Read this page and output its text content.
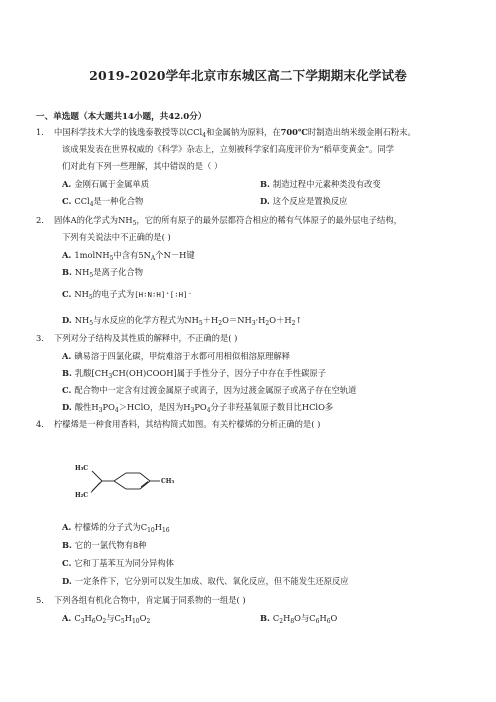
2019-2020学年北京市东城区高二下学期期末化学试卷
一、单选题（本大题共14小题，共42.0分）
1. 中国科学技术大学的钱逸泰教授等以CCl$_4$和金属钠为原料，在700℃时制造出纳米级金刚石粉末。
该成果发表在世界权威的《科学》杂志上，立刻被科学家们高度评价为“稻草变黄金”。同学
们对此有下列一些理解，其中错误的是（ ）
A. 金刚石属于金属单质	B. 制造过程中元素种类没有改变
C. CCl$_4$是一种化合物	D. 这个反应是置换反应
2. 固体A的化学式为$NH_5$，它的所有原子的最外层都符合相应的稀有气体原子的最外层电子结构，
下列有关说法中不正确的是( )
A. 1molNH$_5$中含有$5N_A$个N－H键
B. $NH_5$是离子化合物
C. $NH_5$的电子式为[H∶N∶H]⁺[∶H]⁻
D. $NH_5$与水反应的化学方程式为$NH_5+H_2O=NH_3\cdot H_2O+H_2↑$
3. 下列对分子结构及其性质的解释中，不正确的是( )
A. 碘易溶于四氯化碳，甲烷难溶于水都可用相似相溶原理解释
B. 乳酸$[CH_3CH(OH)COOH]$属于手性分子，因分子中存在手性碳原子
C. 配合物中一定含有过渡金属原子或离子，因为过渡金属原子或离子存在空轨道
D. 酸性$H_3PO_4>HClO$，是因为$H_3PO_4$分子非羟基氧原子数目比HClO多
4. 柠檬烯是一种食用香料，其结构简式如图。有关柠檬烯的分析正确的是( )
H₃C
H₂C
CH₃
A. 柠檬烯的分子式为$C_{10}H_{16}$
B. 它的一氯代物有8种
C. 它和丁基苯互为同分异构体
D. 一定条件下，它分别可以发生加成、取代、氧化反应，但不能发生还原反应
5. 下列各组有机化合物中，肯定属于同系物的一组是( )
A. $C_3H_6O_2$与$C_5H_{10}O_2$	B. $C_2H_8O$与$C_6H_6O$
